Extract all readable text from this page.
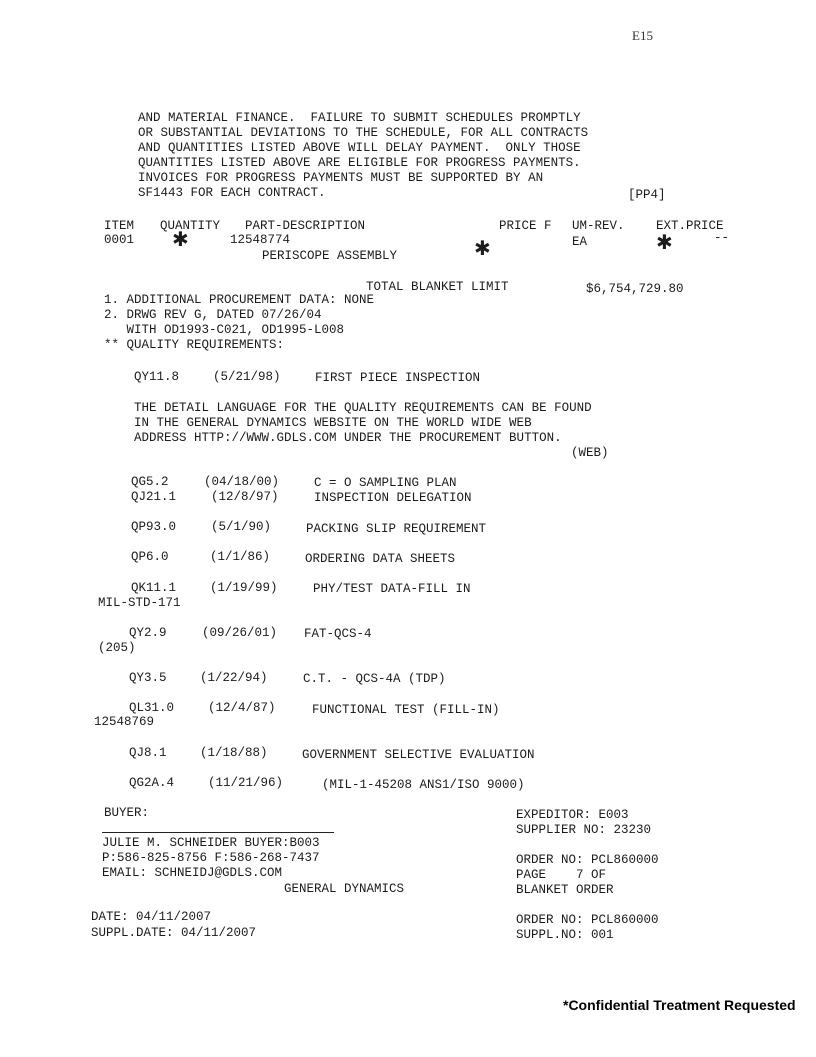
E15
AND MATERIAL FINANCE.  FAILURE TO SUBMIT SCHEDULES PROMPTLY
OR SUBSTANTIAL DEVIATIONS TO THE SCHEDULE, FOR ALL CONTRACTS
AND QUANTITIES LISTED ABOVE WILL DELAY PAYMENT.  ONLY THOSE
QUANTITIES LISTED ABOVE ARE ELIGIBLE FOR PROGRESS PAYMENTS.
INVOICES FOR PROGRESS PAYMENTS MUST BE SUPPORTED BY AN
SF1443 FOR EACH CONTRACT.	[PP4]
ITEM QUANTITY PART-DESCRIPTION	PRICE F UM-REV.	EXT.PRICE
0001 ✱	12548774	✱	EA	✱	--
PERISCOPE ASSEMBLY
TOTAL BLANKET LIMIT	$6,754,729.80
1. ADDITIONAL PROCUREMENT DATA: NONE
2. DRWG REV G, DATED 07/26/04
WITH OD1993-C021, OD1995-L008
** QUALITY REQUIREMENTS:
QY11.8	(5/21/98)	FIRST PIECE INSPECTION
THE DETAIL LANGUAGE FOR THE QUALITY REQUIREMENTS CAN BE FOUND
IN THE GENERAL DYNAMICS WEBSITE ON THE WORLD WIDE WEB
ADDRESS HTTP://WWW.GDLS.COM UNDER THE PROCUREMENT BUTTON.
(WEB)
QG5.2	(04/18/00)	C = O SAMPLING PLAN
QJ21.1	(12/8/97)	INSPECTION DELEGATION
QP93.0	(5/1/90)	PACKING SLIP REQUIREMENT
QP6.0	(1/1/86)	ORDERING DATA SHEETS
QK11.1	(1/19/99)	PHY/TEST DATA-FILL IN
MIL-STD-171
QY2.9	(09/26/01) FAT-QCS-4
(205)
QY3.5	(1/22/94)	C.T. - QCS-4A (TDP)
QL31.0	(12/4/87)	FUNCTIONAL TEST (FILL-IN)
12548769
QJ8.1	(1/18/88)	GOVERNMENT SELECTIVE EVALUATION
QG2A.4	(11/21/96)	(MIL-1-45208 ANS1/ISO 9000)
BUYER:
JULIE M. SCHNEIDER BUYER:B003
P:586-825-8756 F:586-268-7437
EMAIL: SCHNEIDJ@GDLS.COM
GENERAL DYNAMICS
DATE: 04/11/2007
SUPPL.DATE: 04/11/2007
EXPEDITOR: E003
SUPPLIER NO: 23230
ORDER NO: PCL860000
PAGE    7 OF
BLANKET ORDER
ORDER NO: PCL860000
SUPPL.NO: 001
*Confidential Treatment Requested
